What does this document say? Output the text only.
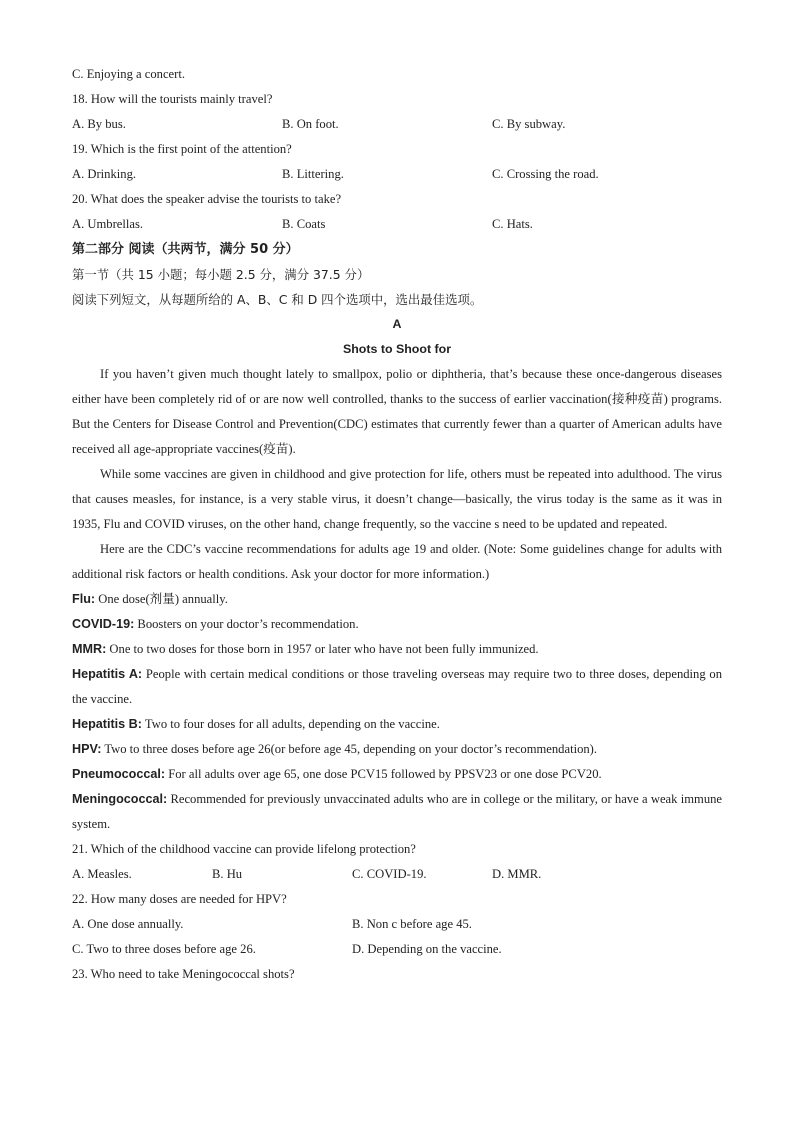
C. Enjoying a concert.
18. How will the tourists mainly travel?
A. By bus.	B. On foot.	C. By subway.
19. Which is the first point of the attention?
A. Drinking.	B. Littering.	C. Crossing the road.
20. What does the speaker advise the tourists to take?
A. Umbrellas.	B. Coats	C. Hats.
第二部分 阅读（共两节，满分 50 分）
第一节（共 15 小题；每小题 2.5 分，满分 37.5 分）
阅读下列短文，从每题所给的 A、B、C 和 D 四个选项中，选出最佳选项。
A
Shots to Shoot for
If you haven’t given much thought lately to smallpox, polio or diphtheria, that’s because these once-dangerous diseases either have been completely rid of or are now well controlled, thanks to the success of earlier vaccination(接种疫苗) programs. But the Centers for Disease Control and Prevention(CDC) estimates that currently fewer than a quarter of American adults have received all age-appropriate vaccines(疫苗).
While some vaccines are given in childhood and give protection for life, others must be repeated into adulthood. The virus that causes measles, for instance, is a very stable virus, it doesn’t change—basically, the virus today is the same as it was in 1935, Flu and COVID viruses, on the other hand, change frequently, so the vaccine s need to be updated and repeated.
Here are the CDC’s vaccine recommendations for adults age 19 and older. (Note: Some guidelines change for adults with additional risk factors or health conditions. Ask your doctor for more information.)
Flu: One dose(剂量) annually.
COVID-19: Boosters on your doctor’s recommendation.
MMR: One to two doses for those born in 1957 or later who have not been fully immunized.
Hepatitis A: People with certain medical conditions or those traveling overseas may require two to three doses, depending on the vaccine.
Hepatitis B: Two to four doses for all adults, depending on the vaccine.
HPV: Two to three doses before age 26(or before age 45, depending on your doctor’s recommendation).
Pneumococcal: For all adults over age 65, one dose PCV15 followed by PPSV23 or one dose PCV20.
Meningococcal: Recommended for previously unvaccinated adults who are in college or the military, or have a weak immune system.
21. Which of the childhood vaccine can provide lifelong protection?
A. Measles.	B. Hu	C. COVID-19.	D. MMR.
22. How many doses are needed for HPV?
A. One dose annually.	B. Non c before age 45.
C. Two to three doses before age 26.	D. Depending on the vaccine.
23. Who need to take Meningococcal shots?
